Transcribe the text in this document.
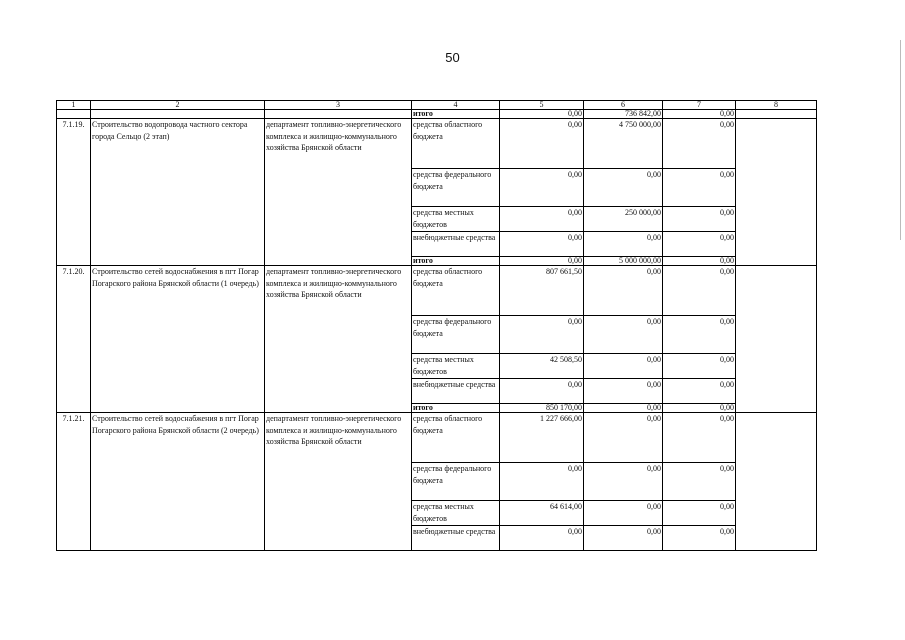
50
1	2	3	4	5	6	7	8
			итого	0,00	736 842,00	0,00	
7.1.19.	Строительство водопровода частного сектора города Сельцо (2 этап)	департамент топливно-энергетического комплекса и жилищно-коммунального хозяйства Брянской области	средства областного бюджета	0,00	4 750 000,00	0,00	
			средства федерального бюджета	0,00	0,00	0,00	
			средства местных бюджетов	0,00	250 000,00	0,00	
			внебюджетные средства	0,00	0,00	0,00	
			итого	0,00	5 000 000,00	0,00	
7.1.20.	Строительство сетей водоснабжения в пгт Погар Погарского района Брянской области (1 очередь)	департамент топливно-энергетического комплекса и жилищно-коммунального хозяйства Брянской области	средства областного бюджета	807 661,50	0,00	0,00	
			средства федерального бюджета	0,00	0,00	0,00	
			средства местных бюджетов	42 508,50	0,00	0,00	
			внебюджетные средства	0,00	0,00	0,00	
			итого	850 170,00	0,00	0,00	
7.1.21.	Строительство сетей водоснабжения в пгт Погар Погарского района Брянской области (2 очередь)	департамент топливно-энергетического комплекса и жилищно-коммунального хозяйства Брянской области	средства областного бюджета	1 227 666,00	0,00	0,00	
			средства федерального бюджета	0,00	0,00	0,00	
			средства местных бюджетов	64 614,00	0,00	0,00	
			внебюджетные средства	0,00	0,00	0,00	
